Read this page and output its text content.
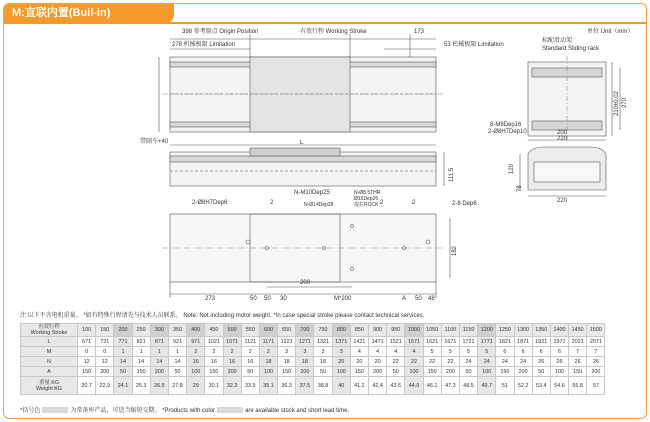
M:直联内置(Buil-in)
单位 Unit（mm）
398 参考原点 Origin Position	有效行程 Working Stroke	173
278 机械极限 Limitation	53 机械极限 Limitation
带副车+40	L
111.5
2-Ø8H7Dep6	2	2	2	2-8 Dep6
N-M10Dep25	N-Ø8.5THR
Ø16Dep26
N-Ø14Dep28	提拉ROCK
200
182
273	50 50 30	M*200	A 50 48
标配滑动架
Standard Sliding rack
210±0.02 270
200
220
8-M8Dep16
2-Ø8H7Dep10
120
78
220
注:以下不含电机重量。 *如有特殊行程请先与技术人员联系。 Note: Not including motor weight. *In case special stroke please contact technical services.
有效行程
Working Stroke	100	150	200	250	300	350	400	450	500	550	600	650	700	750	800	850	900	950	1000	1050	1100	1150	1200	1250	1300	1350	1400	1450	1500
L	671	721	771	821	871	921	971	1021	1071	1121	1171	1221	1271	1321	1371	1421	1471	1521	1571	1621	1671	1721	1771	1821	1871	1921	1971	2021	2071
M	0	0	1	1	1	1	2	2	2	2	2	3	3	3	3	4	4	4	4	5	5	5	5	6	6	6	6	7	7
N	12	12	14	14	14	14	16	16	16	16	18	18	18	18	20	20	20	22	22	22	22	24	24	24	24	26	26	26	26
A	150	200	50	150	200	50	100	150	200	50	100	150	200	50	100	150	200	50	100	150	200	50	100	150	200	50	100	150	200

重量 KG
Weight KG	20.7	22.9	24.1	25.3	26.5	27.8	29	30.1	32.3	33.9	35.1	36.3	37.5	38.8	40	41.2	42.4	43.6	44.9	46.1	47.3	48.5	49.7	51	52.2	53.4	54.6	55.8	57
*括号色	为常备库产品，可适当缩短交期。 *Products with color	are available stock and short lead time.
